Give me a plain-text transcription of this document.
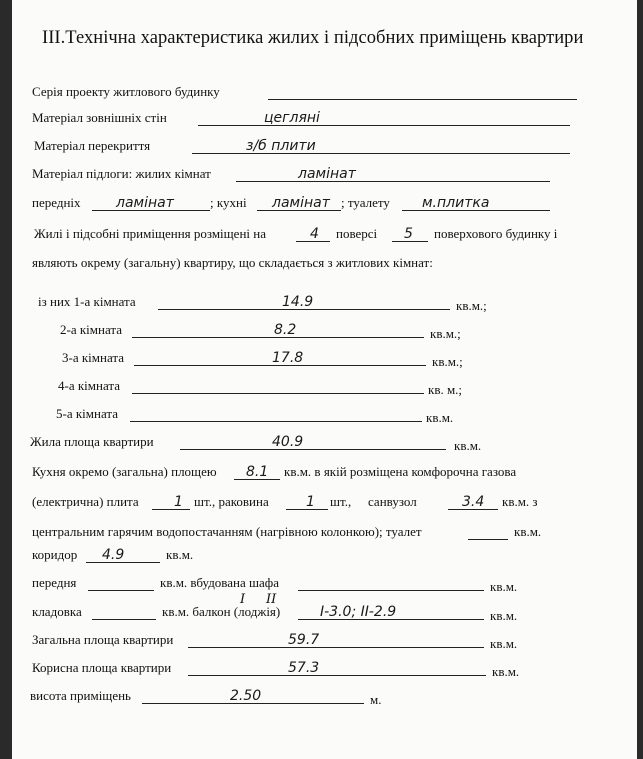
III.Технічна характеристика жилих і підсобних приміщень квартири
Серія проекту житлового будинку
Матеріал зовнішніх стін	цегляні
Матеріал перекриття	з/б плити
Матеріал підлоги: жилих кімнат	ламінат
передніх	ламінат	; кухні ламінат ; туалету м.плитка
Жилі і підсобні приміщення розміщені на	4 поверсі 5 поверхового будинку і
являють окрему (загальну) квартиру, що складається з житлових кімнат:
із них 1-а кімната	14.9	кв.м.;
2-а кімната	8.2	кв.м.;
3-а кімната	17.8	кв.м.;
4-а кімната	кв. м.;
5-а кімната	кв.м.
Жила площа квартири	40.9	кв.м.
Кухня окремо (загальна) площею 8.1 кв.м. в якій розміщена комфорочна газова
(електрична) плита	1 шт., раковина	1 шт., санвузол	3.4 кв.м. з
центральним гарячим водопостачанням (нагрівною колонкою); туалет	кв.м.
коридор 4.9	кв.м.
передня	кв.м. вбудована шафа	кв.м.
I II
кладовка	кв.м. балкон (лоджія)	I-3.0; II-2.9	кв.м.
Загальна площа квартири	59.7	кв.м.
Корисна площа квартири	57.3	кв.м.
висота приміщень	2.50	м.
